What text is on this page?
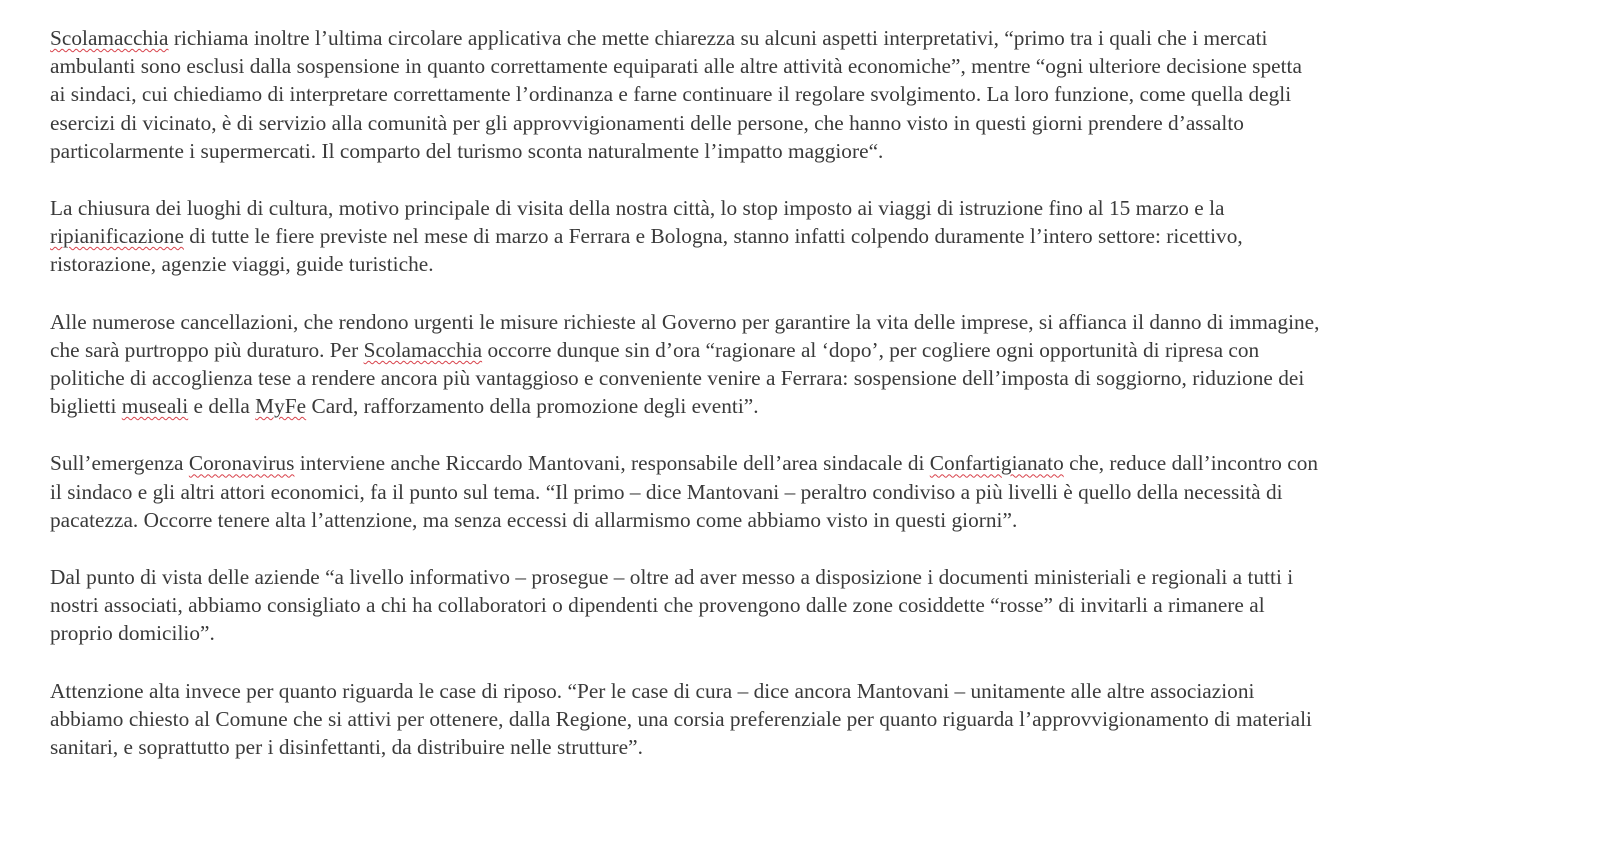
Scolamacchia richiama inoltre l’ultima circolare applicativa che mette chiarezza su alcuni aspetti interpretativi, “primo tra i quali che i mercati
ambulanti sono esclusi dalla sospensione in quanto correttamente equiparati alle altre attività economiche”, mentre “ogni ulteriore decisione spetta
ai sindaci, cui chiediamo di interpretare correttamente l’ordinanza e farne continuare il regolare svolgimento. La loro funzione, come quella degli
esercizi di vicinato, è di servizio alla comunità per gli approvvigionamenti delle persone, che hanno visto in questi giorni prendere d’assalto
particolarmente i supermercati. Il comparto del turismo sconta naturalmente l’impatto maggiore“.

La chiusura dei luoghi di cultura, motivo principale di visita della nostra città, lo stop imposto ai viaggi di istruzione fino al 15 marzo e la
ripianificazione di tutte le fiere previste nel mese di marzo a Ferrara e Bologna, stanno infatti colpendo duramente l’intero settore: ricettivo,
ristorazione, agenzie viaggi, guide turistiche.

Alle numerose cancellazioni, che rendono urgenti le misure richieste al Governo per garantire la vita delle imprese, si affianca il danno di immagine,
che sarà purtroppo più duraturo. Per Scolamacchia occorre dunque sin d’ora “ragionare al ‘dopo’, per cogliere ogni opportunità di ripresa con
politiche di accoglienza tese a rendere ancora più vantaggioso e conveniente venire a Ferrara: sospensione dell’imposta di soggiorno, riduzione dei
biglietti museali e della MyFe Card, rafforzamento della promozione degli eventi”.

Sull’emergenza Coronavirus interviene anche Riccardo Mantovani, responsabile dell’area sindacale di Confartigianato che, reduce dall’incontro con
il sindaco e gli altri attori economici, fa il punto sul tema. “Il primo – dice Mantovani – peraltro condiviso a più livelli è quello della necessità di
pacatezza. Occorre tenere alta l’attenzione, ma senza eccessi di allarmismo come abbiamo visto in questi giorni”.

Dal punto di vista delle aziende “a livello informativo – prosegue – oltre ad aver messo a disposizione i documenti ministeriali e regionali a tutti i
nostri associati, abbiamo consigliato a chi ha collaboratori o dipendenti che provengono dalle zone cosiddette “rosse” di invitarli a rimanere al
proprio domicilio”.

Attenzione alta invece per quanto riguarda le case di riposo. “Per le case di cura – dice ancora Mantovani – unitamente alle altre associazioni
abbiamo chiesto al Comune che si attivi per ottenere, dalla Regione, una corsia preferenziale per quanto riguarda l’approvvigionamento di materiali
sanitari, e soprattutto per i disinfettanti, da distribuire nelle strutture”.
